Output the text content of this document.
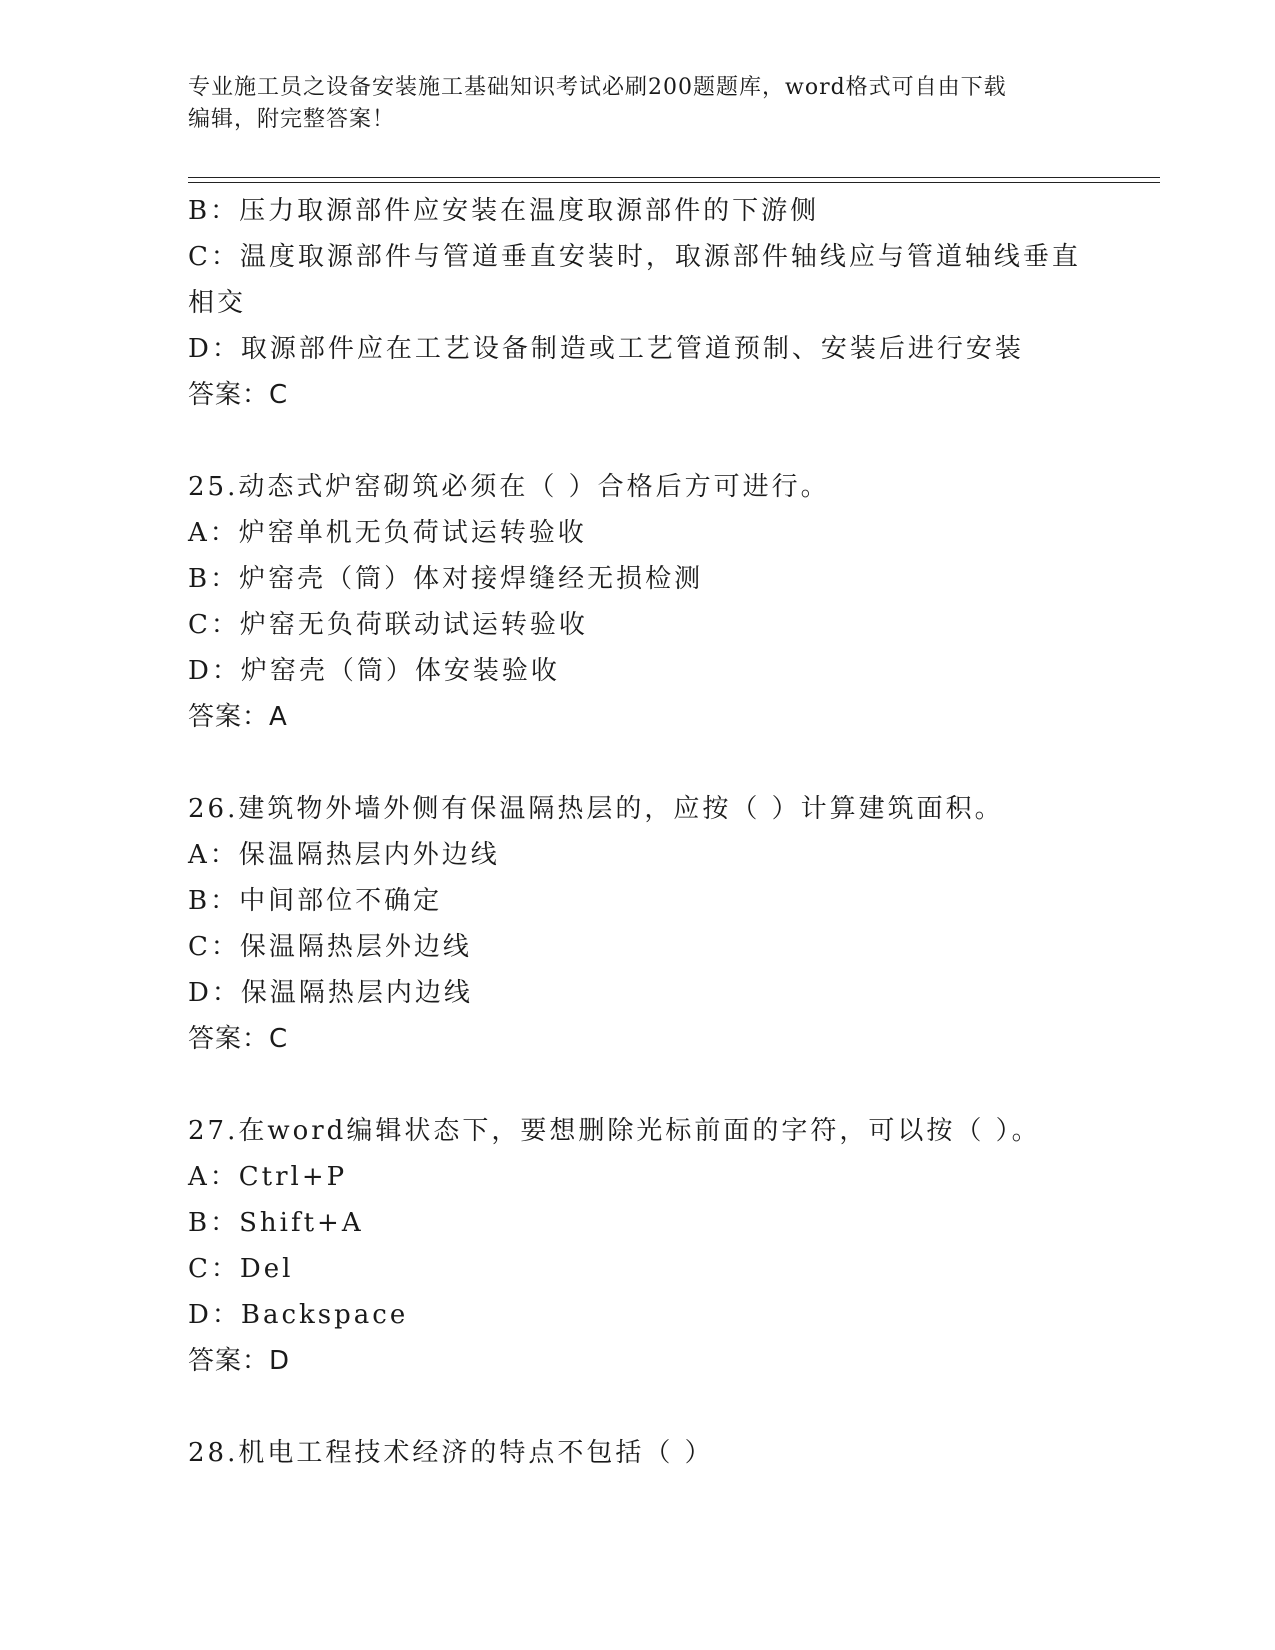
专业施工员之设备安装施工基础知识考试必刷200题题库，word格式可自由下载
编辑，附完整答案！
B：压力取源部件应安装在温度取源部件的下游侧
C：温度取源部件与管道垂直安装时，取源部件轴线应与管道轴线垂直
相交
D：取源部件应在工艺设备制造或工艺管道预制、安装后进行安装
答案：C
25.动态式炉窑砌筑必须在（ ）合格后方可进行。
A：炉窑单机无负荷试运转验收
B：炉窑壳（筒）体对接焊缝经无损检测
C：炉窑无负荷联动试运转验收
D：炉窑壳（筒）体安装验收
答案：A
26.建筑物外墙外侧有保温隔热层的，应按（ ）计算建筑面积。
A：保温隔热层内外边线
B：中间部位不确定
C：保温隔热层外边线
D：保温隔热层内边线
答案：C
27.在word编辑状态下，要想删除光标前面的字符，可以按（ ）。
A：Ctrl+P
B：Shift+A
C：Del
D：Backspace
答案：D
28.机电工程技术经济的特点不包括（ ）
